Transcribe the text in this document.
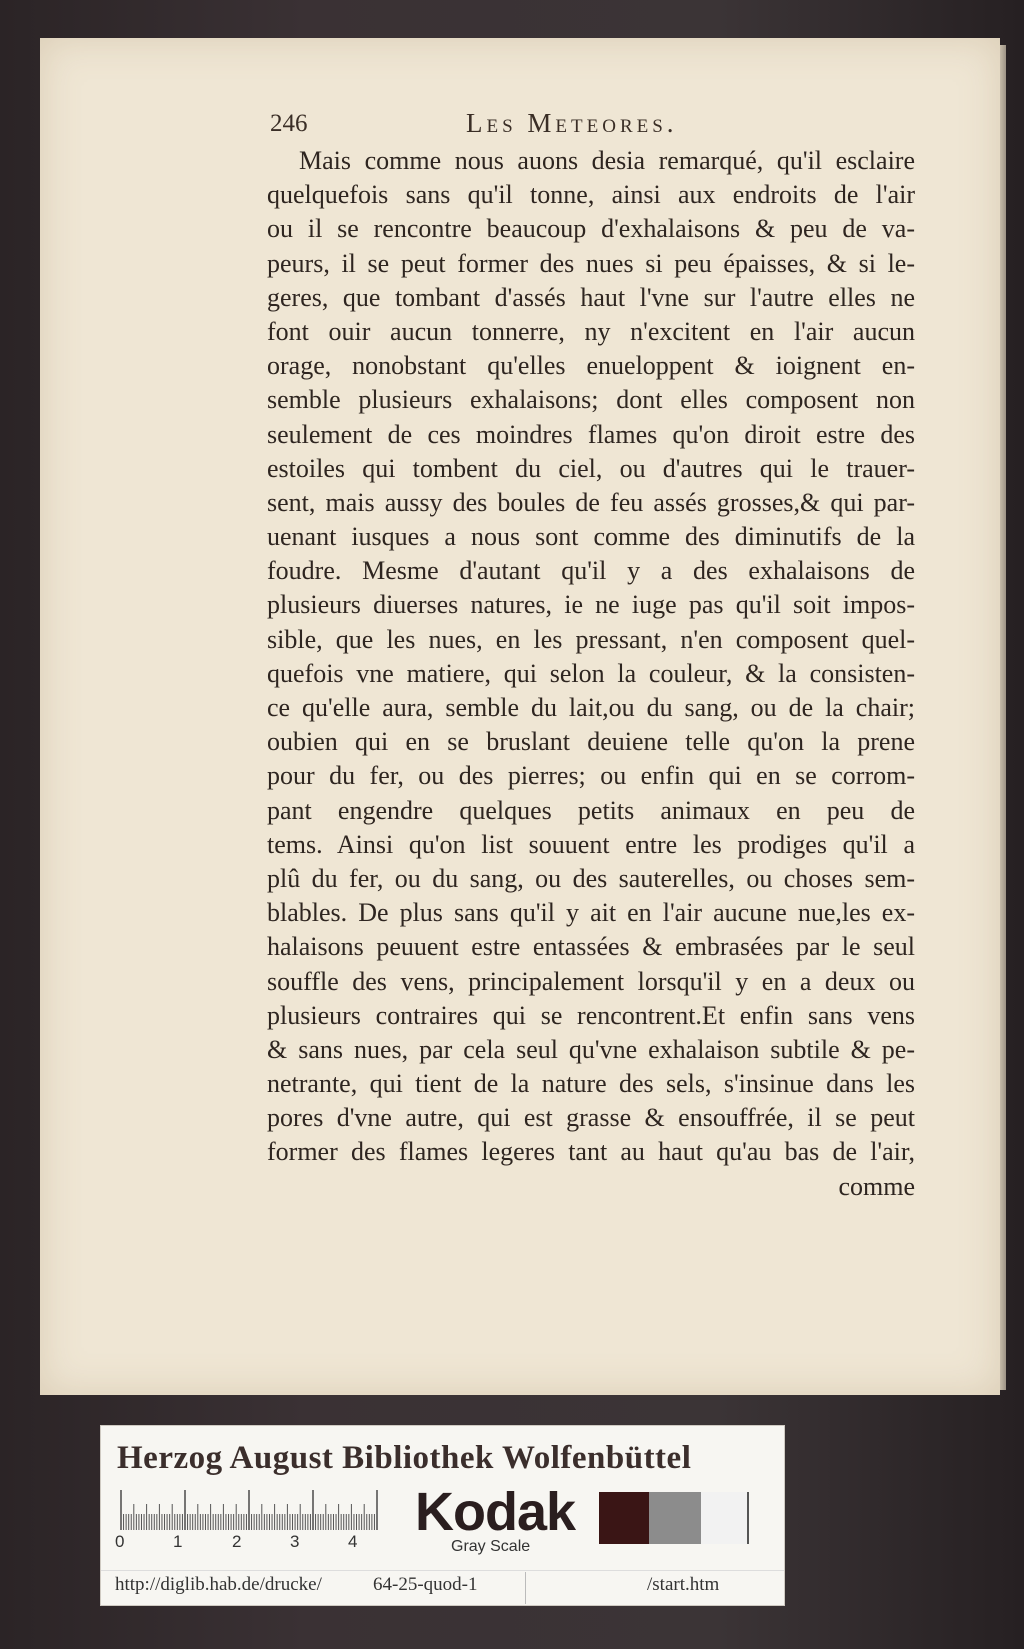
246	Les Meteores.
Mais comme nous auons desia remarqué, qu'il esclaire
quelquefois sans qu'il tonne, ainsi aux endroits de l'air
ou il se rencontre beaucoup d'exhalaisons & peu de va-
peurs, il se peut former des nues si peu épaisses, & si le-
geres, que tombant d'assés haut l'vne sur l'autre elles ne
font ouir aucun tonnerre, ny n'excitent en l'air aucun
orage, nonobstant qu'elles enueloppent & ioignent en-
semble plusieurs exhalaisons; dont elles composent non
seulement de ces moindres flames qu'on diroit estre des
estoiles qui tombent du ciel, ou d'autres qui le trauer-
sent, mais aussy des boules de feu assés grosses,& qui par-
uenant iusques a nous sont comme des diminutifs de la
foudre. Mesme d'autant qu'il y a des exhalaisons de
plusieurs diuerses natures, ie ne iuge pas qu'il soit impos-
sible, que les nues, en les pressant, n'en composent quel-
quefois vne matiere, qui selon la couleur, & la consisten-
ce qu'elle aura, semble du lait,ou du sang, ou de la chair;
oubien qui en se bruslant deuiene telle qu'on la prene
pour du fer, ou des pierres; ou enfin qui en se corrom-
pant engendre quelques petits animaux en peu de
tems. Ainsi qu'on list souuent entre les prodiges qu'il a
plû du fer, ou du sang, ou des sauterelles, ou choses sem-
blables. De plus sans qu'il y ait en l'air aucune nue,les ex-
halaisons peuuent estre entassées & embrasées par le seul
souffle des vens, principalement lorsqu'il y en a deux ou
plusieurs contraires qui se rencontrent.Et enfin sans vens
& sans nues, par cela seul qu'vne exhalaison subtile & pe-
netrante, qui tient de la nature des sels, s'insinue dans les
pores d'vne autre, qui est grasse & ensouffrée, il se peut
former des flames legeres tant au haut qu'au bas de l'air,
comme
Herzog August Bibliothek Wolfenbüttel
0	1	2	3	4 Kodak
Gray Scale
http://diglib.hab.de/drucke/	64-25-quod-1	/start.htm
